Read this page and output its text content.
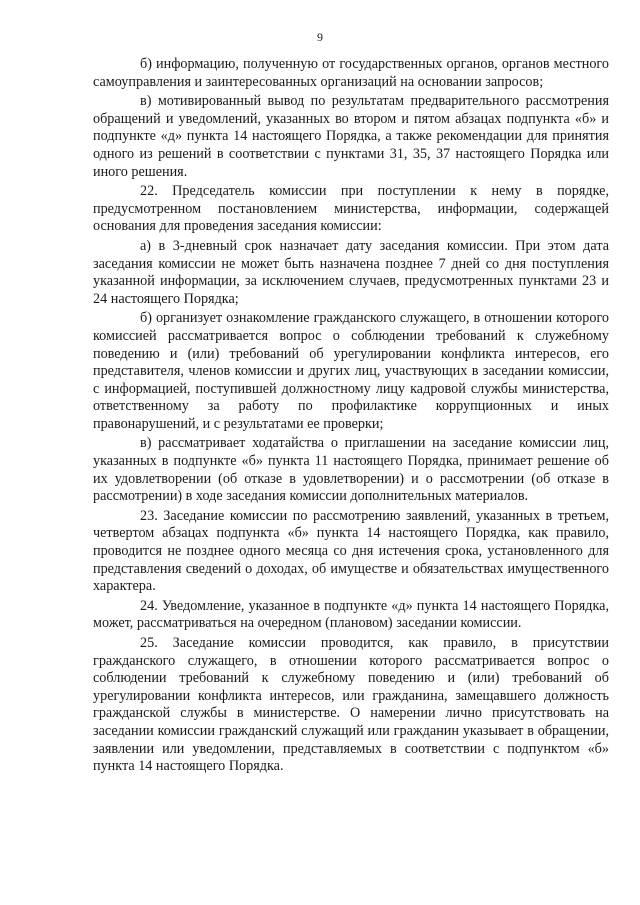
9

б) информацию, полученную от государственных органов, органов местного самоуправления и заинтересованных организаций на основании запросов;

в) мотивированный вывод по результатам предварительного рассмотрения обращений и уведомлений, указанных во втором и пятом абзацах подпункта «б» и подпункте «д» пункта 14 настоящего Порядка, а также рекомендации для принятия одного из решений в соответствии с пунктами 31, 35, 37 настоящего Порядка или иного решения.

22. Председатель комиссии при поступлении к нему в порядке, предусмотренном постановлением министерства, информации, содержащей основания для проведения заседания комиссии:

а) в 3-дневный срок назначает дату заседания комиссии. При этом дата заседания комиссии не может быть назначена позднее 7 дней со дня поступления указанной информации, за исключением случаев, предусмотренных пунктами 23 и 24 настоящего Порядка;

б) организует ознакомление гражданского служащего, в отношении которого комиссией рассматривается вопрос о соблюдении требований к служебному поведению и (или) требований об урегулировании конфликта интересов, его представителя, членов комиссии и других лиц, участвующих в заседании комиссии, с информацией, поступившей должностному лицу кадровой службы министерства, ответственному за работу по профилактике коррупционных и иных правонарушений, и с результатами ее проверки;

в) рассматривает ходатайства о приглашении на заседание комиссии лиц, указанных в подпункте «б» пункта 11 настоящего Порядка, принимает решение об их удовлетворении (об отказе в удовлетворении) и о рассмотрении (об отказе в рассмотрении) в ходе заседания комиссии дополнительных материалов.

23. Заседание комиссии по рассмотрению заявлений, указанных в третьем, четвертом абзацах подпункта «б» пункта 14 настоящего Порядка, как правило, проводится не позднее одного месяца со дня истечения срока, установленного для представления сведений о доходах, об имуществе и обязательствах имущественного характера.

24. Уведомление, указанное в подпункте «д» пункта 14 настоящего Порядка, может, рассматриваться на очередном (плановом) заседании комиссии.

25. Заседание комиссии проводится, как правило, в присутствии гражданского служащего, в отношении которого рассматривается вопрос о соблюдении требований к служебному поведению и (или) требований об урегулировании конфликта интересов, или гражданина, замещавшего должность гражданской службы в министерстве. О намерении лично присутствовать на заседании комиссии гражданский служащий или гражданин указывает в обращении, заявлении или уведомлении, представляемых в соответствии с подпунктом «б» пункта 14 настоящего Порядка.
